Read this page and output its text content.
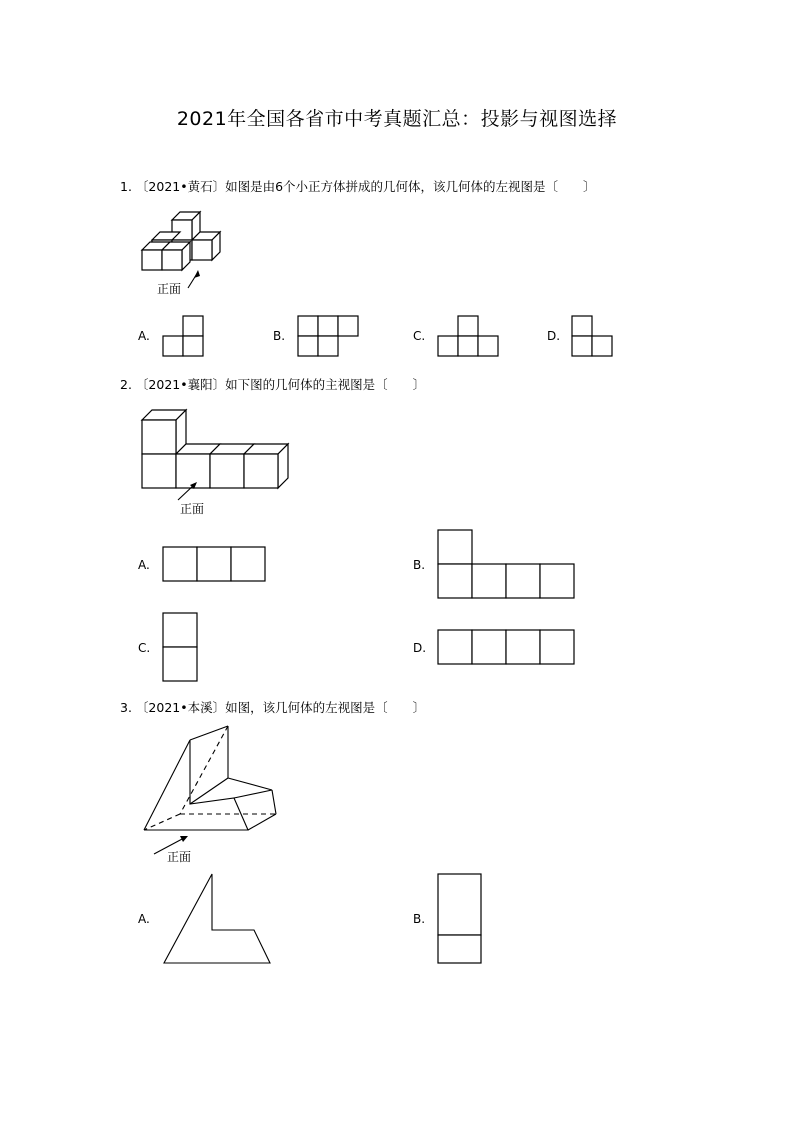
2021年全国各省市中考真题汇总：投影与视图选择
1. 〔2021•黄石〕如图是由6个小正方体拼成的几何体，该几何体的左视图是〔　　〕
正面
A.	B.	C.	D.
2. 〔2021•襄阳〕如下图的几何体的主视图是〔　　〕
正面
A.	B.
C.	D.
3. 〔2021•本溪〕如图，该几何体的左视图是〔　　〕
正面
A.	B.
